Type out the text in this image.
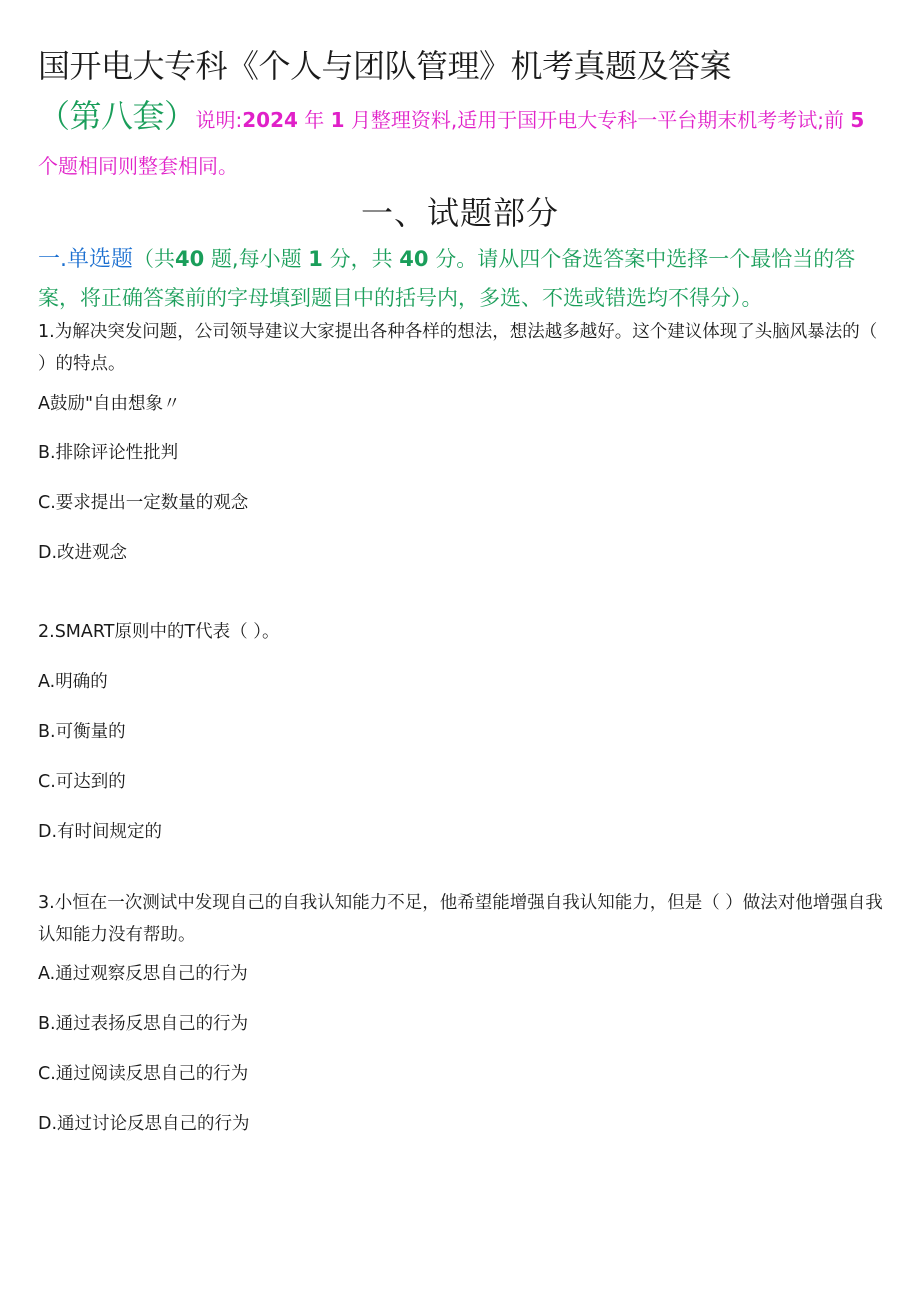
国开电大专科《个人与团队管理》机考真题及答案（第八套）说明:2024 年 1 月整理资料,适用于国开电大专科一平台期末机考考试;前 5 个题相同则整套相同。
一、试题部分
一.单选题（共40 题,每小题 1 分，共 40 分。请从四个备选答案中选择一个最恰当的答案，将正确答案前的字母填到题目中的括号内，多选、不选或错选均不得分）。
1.为解决突发问题，公司领导建议大家提出各种各样的想法，想法越多越好。这个建议体现了头脑风暴法的（ ）的特点。
A鼓励"自由想象〃
B.排除评论性批判
C.要求提出一定数量的观念
D.改进观念
2.SMART原则中的T代表（ ）。
A.明确的
B.可衡量的
C.可达到的
D.有时间规定的
3.小恒在一次测试中发现自己的自我认知能力不足，他希望能增强自我认知能力，但是（ ）做法对他增强自我认知能力没有帮助。
A.通过观察反思自己的行为
B.通过表扬反思自己的行为
C.通过阅读反思自己的行为
D.通过讨论反思自己的行为
